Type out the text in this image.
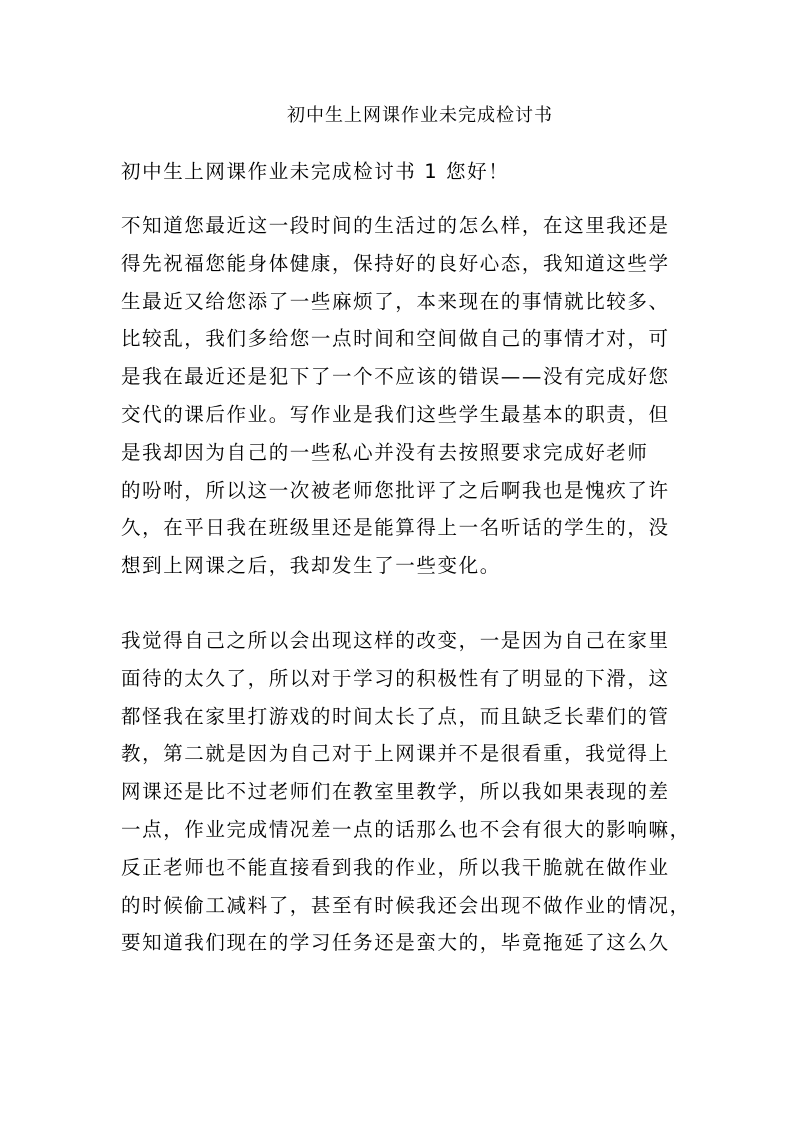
初中生上网课作业未完成检讨书
初中生上网课作业未完成检讨书 1 您好！
不知道您最近这一段时间的生活过的怎么样，在这里我还是
得先祝福您能身体健康，保持好的良好心态，我知道这些学
生最近又给您添了一些麻烦了，本来现在的事情就比较多、
比较乱，我们多给您一点时间和空间做自己的事情才对，可
是我在最近还是犯下了一个不应该的错误——没有完成好您
交代的课后作业。写作业是我们这些学生最基本的职责，但
是我却因为自己的一些私心并没有去按照要求完成好老师
的吩咐，所以这一次被老师您批评了之后啊我也是愧疚了许
久，在平日我在班级里还是能算得上一名听话的学生的，没
想到上网课之后，我却发生了一些变化。
我觉得自己之所以会出现这样的改变，一是因为自己在家里
面待的太久了，所以对于学习的积极性有了明显的下滑，这
都怪我在家里打游戏的时间太长了点，而且缺乏长辈们的管
教，第二就是因为自己对于上网课并不是很看重，我觉得上
网课还是比不过老师们在教室里教学，所以我如果表现的差
一点，作业完成情况差一点的话那么也不会有很大的影响嘛，
反正老师也不能直接看到我的作业，所以我干脆就在做作业
的时候偷工减料了，甚至有时候我还会出现不做作业的情况，
要知道我们现在的学习任务还是蛮大的，毕竟拖延了这么久
